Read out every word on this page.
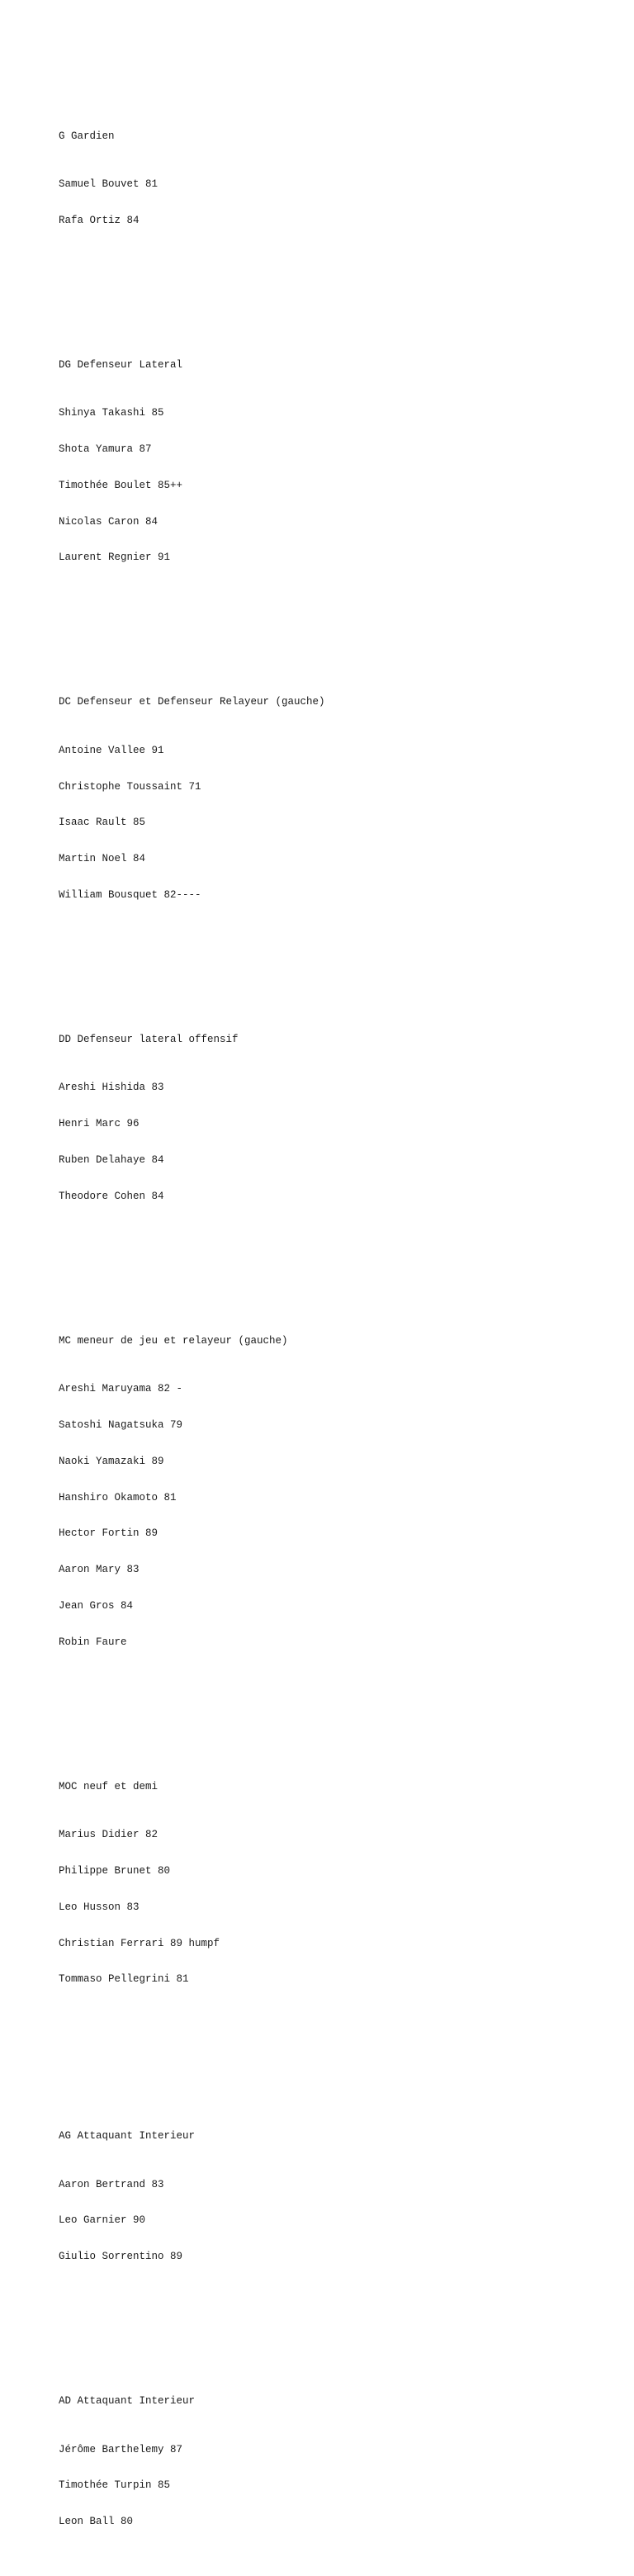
G Gardien

Samuel Bouvet 81

Rafa Ortiz 84

DG Defenseur Lateral

Shinya Takashi 85

Shota Yamura 87

Timothée Boulet 85++

Nicolas Caron 84

Laurent Regnier 91

DC Defenseur et Defenseur Relayeur (gauche)

Antoine Vallee 91

Christophe Toussaint 71

Isaac Rault 85

Martin Noel 84

William Bousquet 82----

DD Defenseur lateral offensif

Areshi Hishida 83

Henri Marc 96

Ruben Delahaye 84

Theodore Cohen 84

MC meneur de jeu et relayeur (gauche)

Areshi Maruyama 82 -

Satoshi Nagatsuka 79

Naoki Yamazaki 89

Hanshiro Okamoto 81

Hector Fortin 89

Aaron Mary 83

Jean Gros 84

Robin Faure

MOC neuf et demi

Marius Didier 82

Philippe Brunet 80

Leo Husson 83

Christian Ferrari 89 humpf

Tommaso Pellegrini 81

AG Attaquant Interieur

Aaron Bertrand 83

Leo Garnier 90

Giulio Sorrentino 89

AD Attaquant Interieur

Jérôme Barthelemy 87

Timothée Turpin 85

Leon Ball 80
